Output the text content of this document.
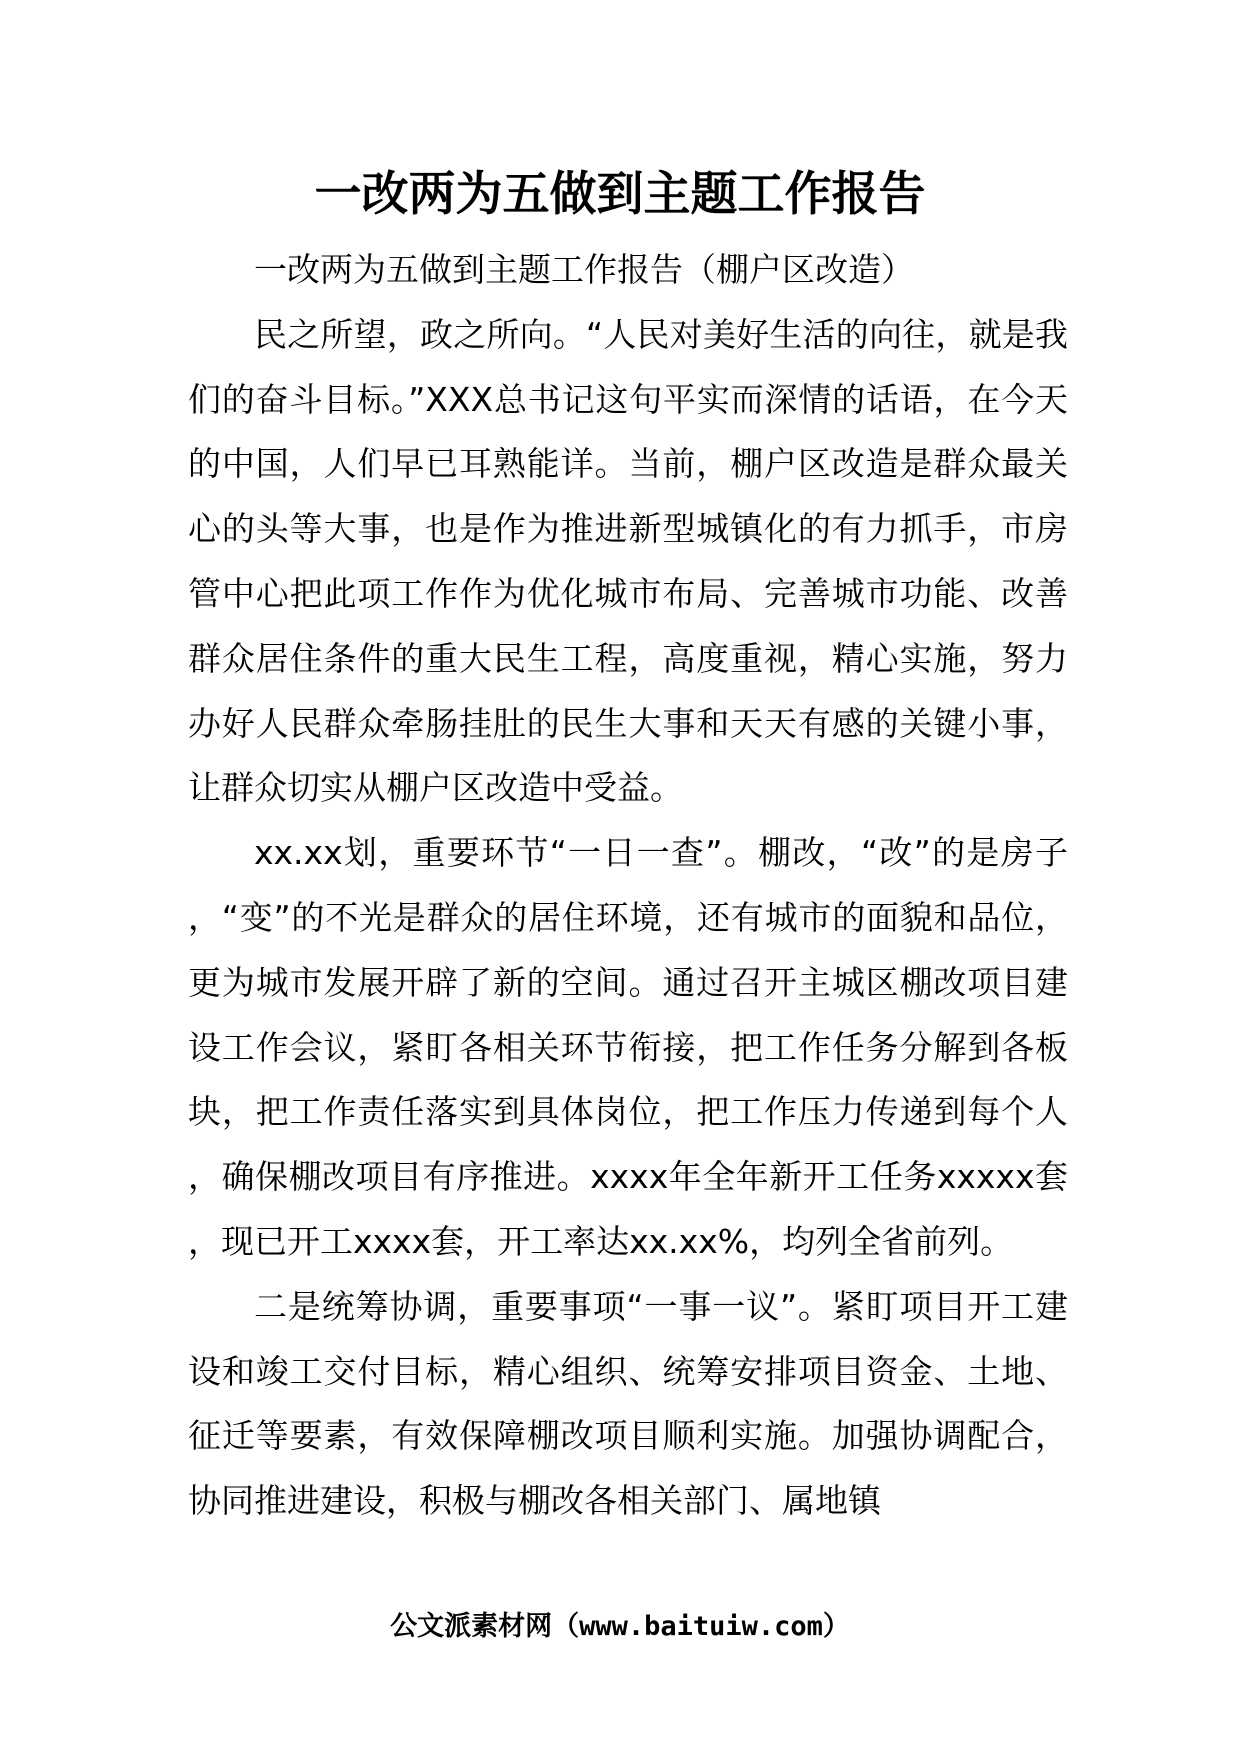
一改两为五做到主题工作报告

一改两为五做到主题工作报告（棚户区改造）

民之所望，政之所向。“人民对美好生活的向往，就是我们的奋斗目标。”XXX总书记这句平实而深情的话语，在今天的中国，人们早已耳熟能详。当前，棚户区改造是群众最关心的头等大事，也是作为推进新型城镇化的有力抓手，市房管中心把此项工作作为优化城市布局、完善城市功能、改善群众居住条件的重大民生工程，高度重视，精心实施，努力办好人民群众牵肠挂肚的民生大事和天天有感的关键小事，让群众切实从棚户区改造中受益。

xx.xx划，重要环节“一日一查”。棚改，“改”的是房子，“变”的不光是群众的居住环境，还有城市的面貌和品位，更为城市发展开辟了新的空间。通过召开主城区棚改项目建设工作会议，紧盯各相关环节衔接，把工作任务分解到各板块，把工作责任落实到具体岗位，把工作压力传递到每个人，确保棚改项目有序推进。xxxx年全年新开工任务xxxxx套，现已开工xxxx套，开工率达xx.xx%，均列全省前列。

二是统筹协调，重要事项“一事一议”。紧盯项目开工建设和竣工交付目标，精心组织、统筹安排项目资金、土地、征迁等要素，有效保障棚改项目顺利实施。加强协调配合，协同推进建设，积极与棚改各相关部门、属地镇

公文派素材网（www.baituiw.com）
